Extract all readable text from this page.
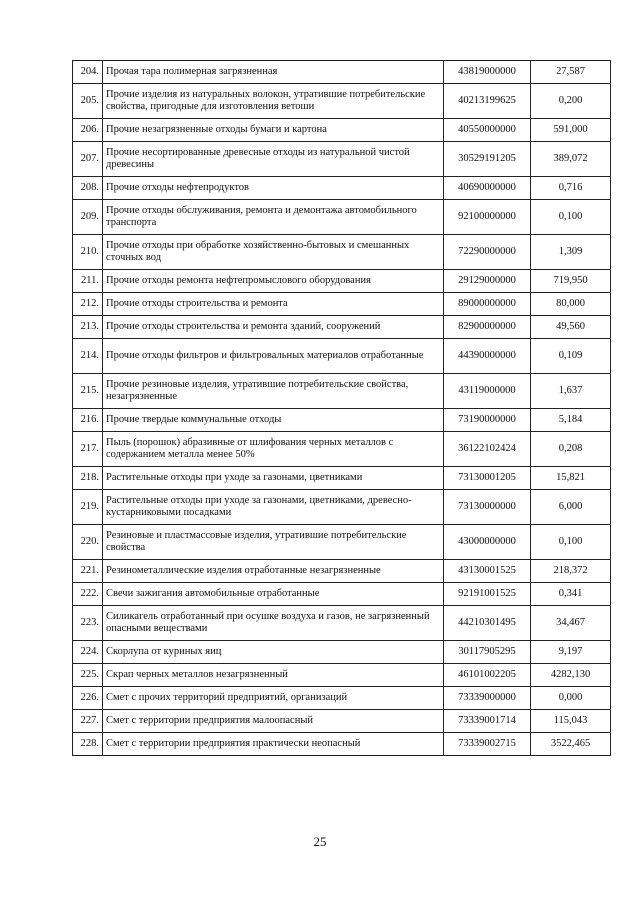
204.	Прочая тара полимерная загрязненная	43819000000	27,587
205.	Прочие изделия из натуральных волокон, утратившие потребительские свойства, пригодные для изготовления ветоши	40213199625	0,200
206.	Прочие незагрязненные отходы бумаги и картона	40550000000	591,000
207.	Прочие несортированные древесные отходы из натуральной чистой древесины	30529191205	389,072
208.	Прочие отходы нефтепродуктов	40690000000	0,716
209.	Прочие отходы обслуживания, ремонта и демонтажа автомобильного транспорта	92100000000	0,100
210.	Прочие отходы при обработке хозяйственно-бытовых и смешанных сточных вод	72290000000	1,309
211.	Прочие отходы ремонта нефтепромыслового оборудования	29129000000	719,950
212.	Прочие отходы строительства и ремонта	89000000000	80,000
213.	Прочие отходы строительства и ремонта зданий, сооружений	82900000000	49,560
214.	Прочие отходы фильтров и фильтровальных материалов отработанные	44390000000	0,109
215.	Прочие резиновые изделия, утратившие потребительские свойства, незагрязненные	43119000000	1,637
216.	Прочие твердые коммунальные отходы	73190000000	5,184
217.	Пыль (порошок) абразивные от шлифования черных металлов с содержанием металла менее 50%	36122102424	0,208
218.	Растительные отходы при уходе за газонами, цветниками	73130001205	15,821
219.	Растительные отходы при уходе за газонами, цветниками, древесно-кустарниковыми посадками	73130000000	6,000
220.	Резиновые и пластмассовые изделия, утратившие потребительские свойства	43000000000	0,100
221.	Резинометаллические изделия отработанные незагрязненные	43130001525	218,372
222.	Свечи зажигания автомобильные отработанные	92191001525	0,341
223.	Силикагель отработанный при осушке воздуха и газов, не загрязненный опасными веществами	44210301495	34,467
224.	Скорлупа от куриных яиц	30117905295	9,197
225.	Скрап черных металлов незагрязненный	46101002205	4282,130
226.	Смет с прочих территорий предприятий, организаций	73339000000	0,000
227.	Смет с территории предприятия малоопасный	73339001714	115,043
228.	Смет с территории предприятия практически неопасный	73339002715	3522,465
25
